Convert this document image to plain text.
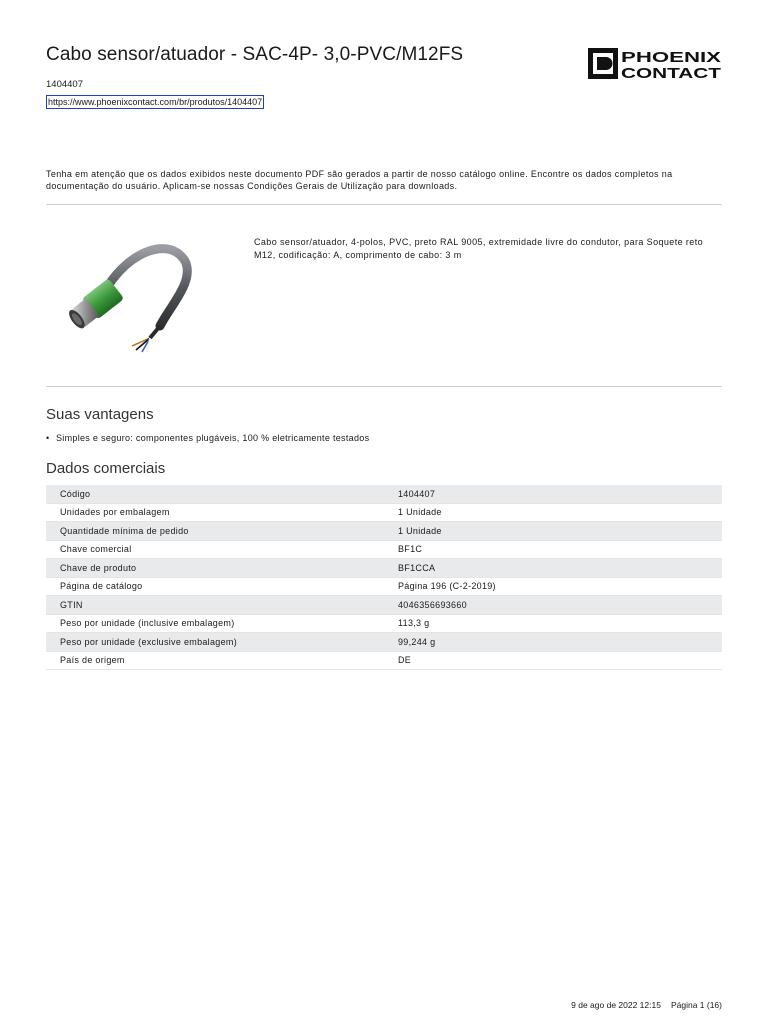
Cabo sensor/atuador - SAC-4P- 3,0-PVC/M12FS	PHOENIX
CONTACT
1404407
https://www.phoenixcontact.com/br/produtos/1404407
Tenha em atenção que os dados exibidos neste documento PDF são gerados a partir de nosso catálogo online. Encontre os dados completos na documentação do usuário. Aplicam-se nossas Condições Gerais de Utilização para downloads.
Cabo sensor/atuador, 4-polos, PVC, preto RAL 9005, extremidade livre do condutor, para Soquete reto M12, codificação: A, comprimento de cabo: 3 m
Suas vantagens
• Simples e seguro: componentes plugáveis, 100 % eletricamente testados
Dados comerciais
Código	1404407
Unidades por embalagem	1 Unidade
Quantidade mínima de pedido	1 Unidade
Chave comercial	BF1C
Chave de produto	BF1CCA
Página de catálogo	Página 196 (C-2-2019)
GTIN	4046356693660
Peso por unidade (inclusive embalagem)	113,3 g
Peso por unidade (exclusive embalagem)	99,244 g
País de origem	DE
9 de ago de 2022 12:15 Página 1 (16)
